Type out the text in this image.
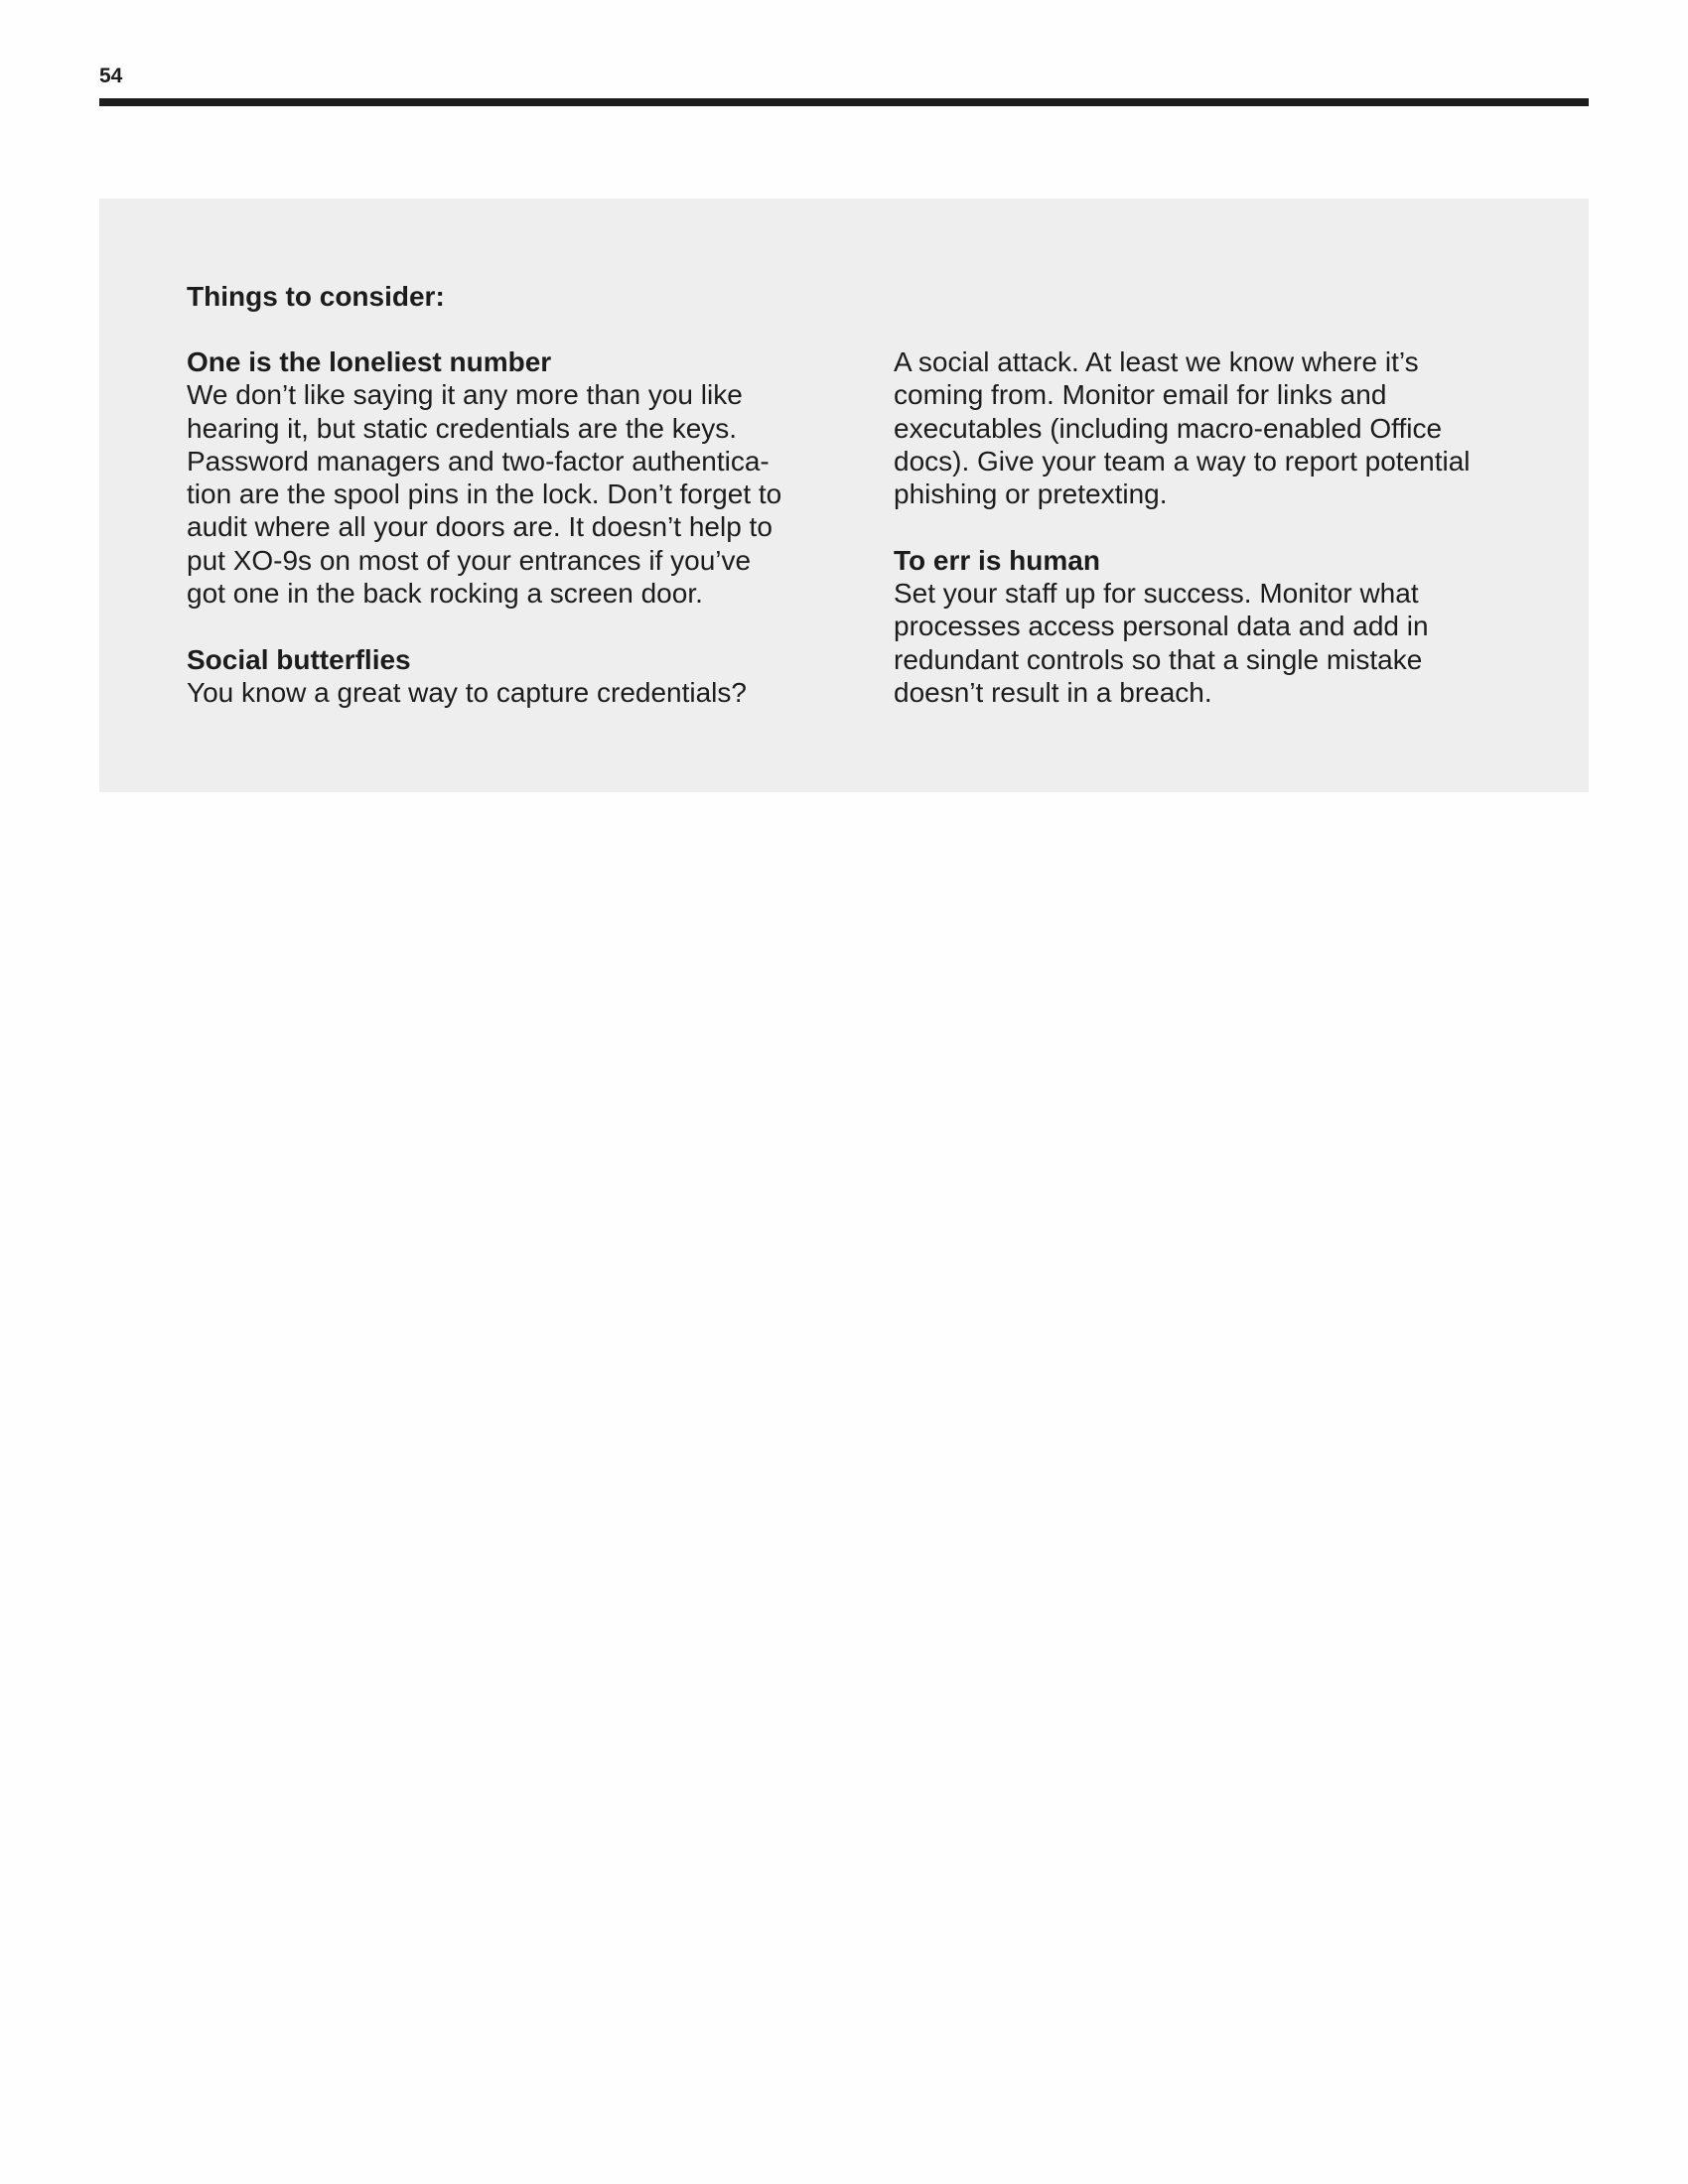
54
Things to consider:
One is the loneliest number
We don’t like saying it any more than you like
hearing it, but static credentials are the keys.
Password managers and two-factor authentica-
tion are the spool pins in the lock. Don’t forget to
audit where all your doors are. It doesn’t help to
put XO-9s on most of your entrances if you’ve
got one in the back rocking a screen door.
Social butterflies
You know a great way to capture credentials?
A social attack. At least we know where it’s
coming from. Monitor email for links and
executables (including macro-enabled Office
docs). Give your team a way to report potential
phishing or pretexting.
To err is human
Set your staff up for success. Monitor what
processes access personal data and add in
redundant controls so that a single mistake
doesn’t result in a breach.
